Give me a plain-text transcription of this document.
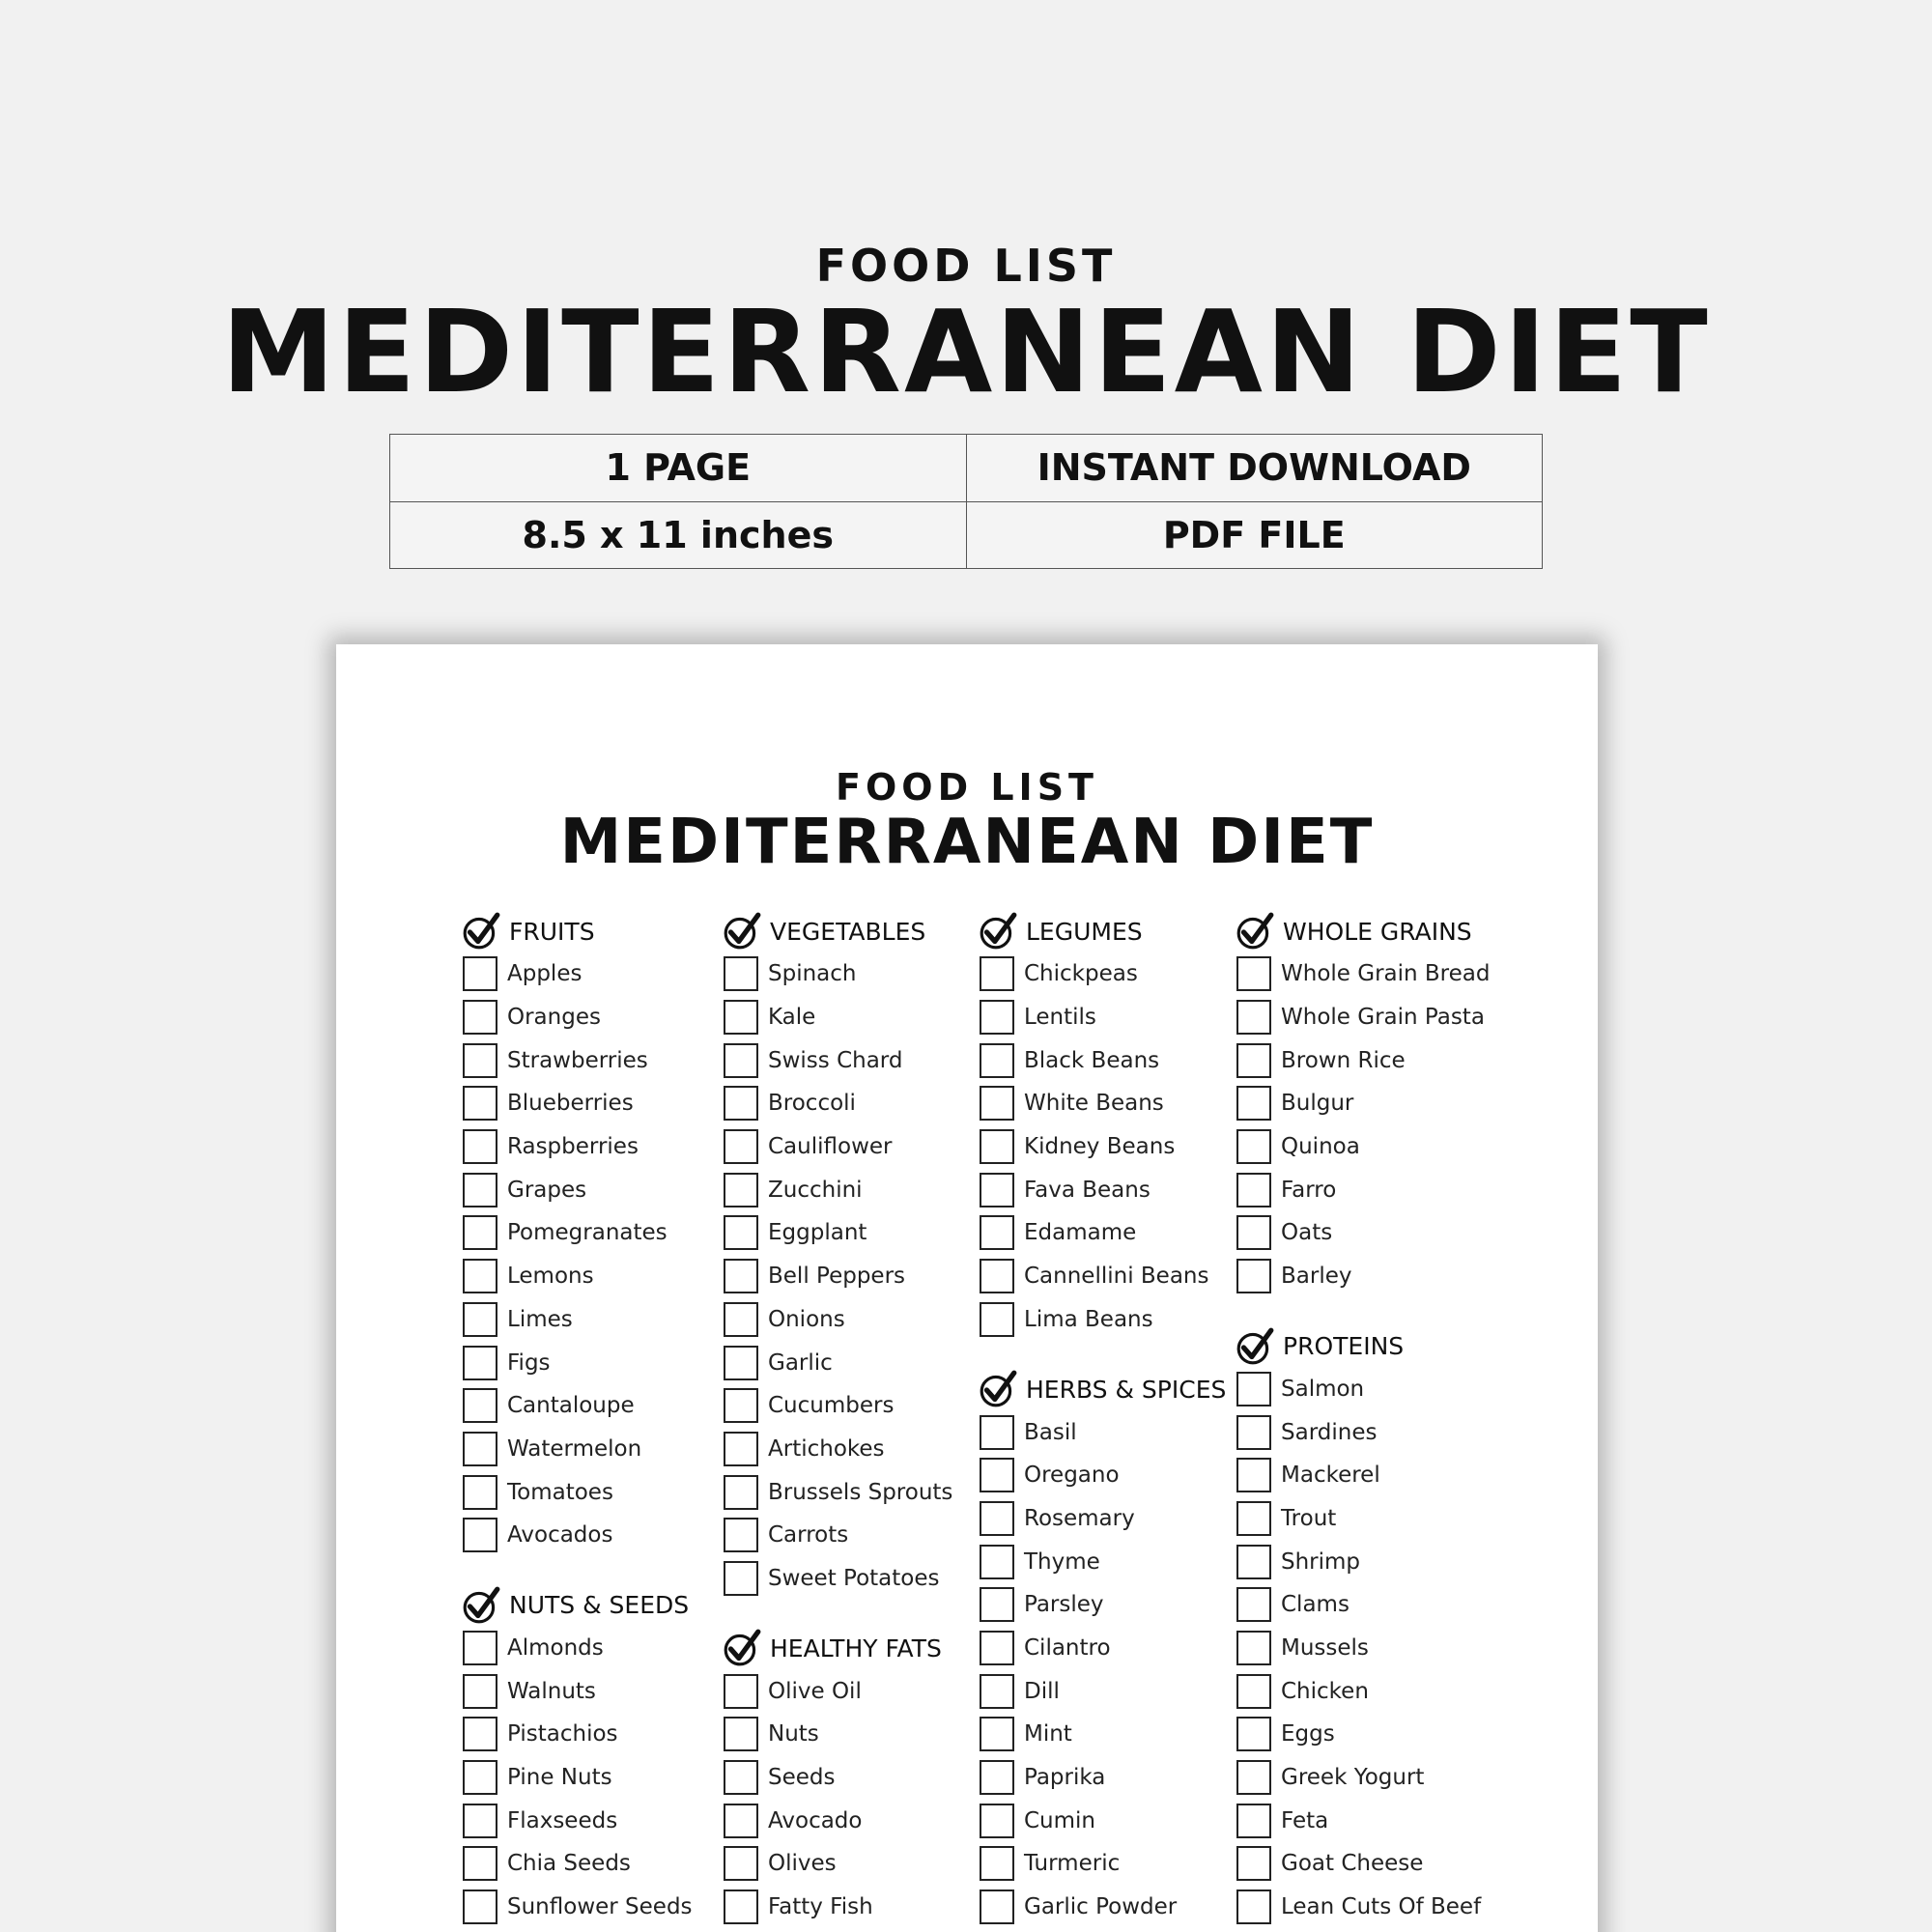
FOOD LIST
MEDITERRANEAN DIET
1 PAGE	INSTANT DOWNLOAD
8.5 x 11 inches	PDF FILE
FOOD LIST
MEDITERRANEAN DIET
FRUITS
Apples
Oranges
Strawberries
Blueberries
Raspberries
Grapes
Pomegranates
Lemons
Limes
Figs
Cantaloupe
Watermelon
Tomatoes
Avocados
NUTS & SEEDS
Almonds
Walnuts
Pistachios
Pine Nuts
Flaxseeds
Chia Seeds
Sunflower Seeds
VEGETABLES
Spinach
Kale
Swiss Chard
Broccoli
Cauliflower
Zucchini
Eggplant
Bell Peppers
Onions
Garlic
Cucumbers
Artichokes
Brussels Sprouts
Carrots
Sweet Potatoes
HEALTHY FATS
Olive Oil
Nuts
Seeds
Avocado
Olives
Fatty Fish
LEGUMES
Chickpeas
Lentils
Black Beans
White Beans
Kidney Beans
Fava Beans
Edamame
Cannellini Beans
Lima Beans
HERBS & SPICES
Basil
Oregano
Rosemary
Thyme
Parsley
Cilantro
Dill
Mint
Paprika
Cumin
Turmeric
Garlic Powder
WHOLE GRAINS
Whole Grain Bread
Whole Grain Pasta
Brown Rice
Bulgur
Quinoa
Farro
Oats
Barley
PROTEINS
Salmon
Sardines
Mackerel
Trout
Shrimp
Clams
Mussels
Chicken
Eggs
Greek Yogurt
Feta
Goat Cheese
Lean Cuts Of Beef
